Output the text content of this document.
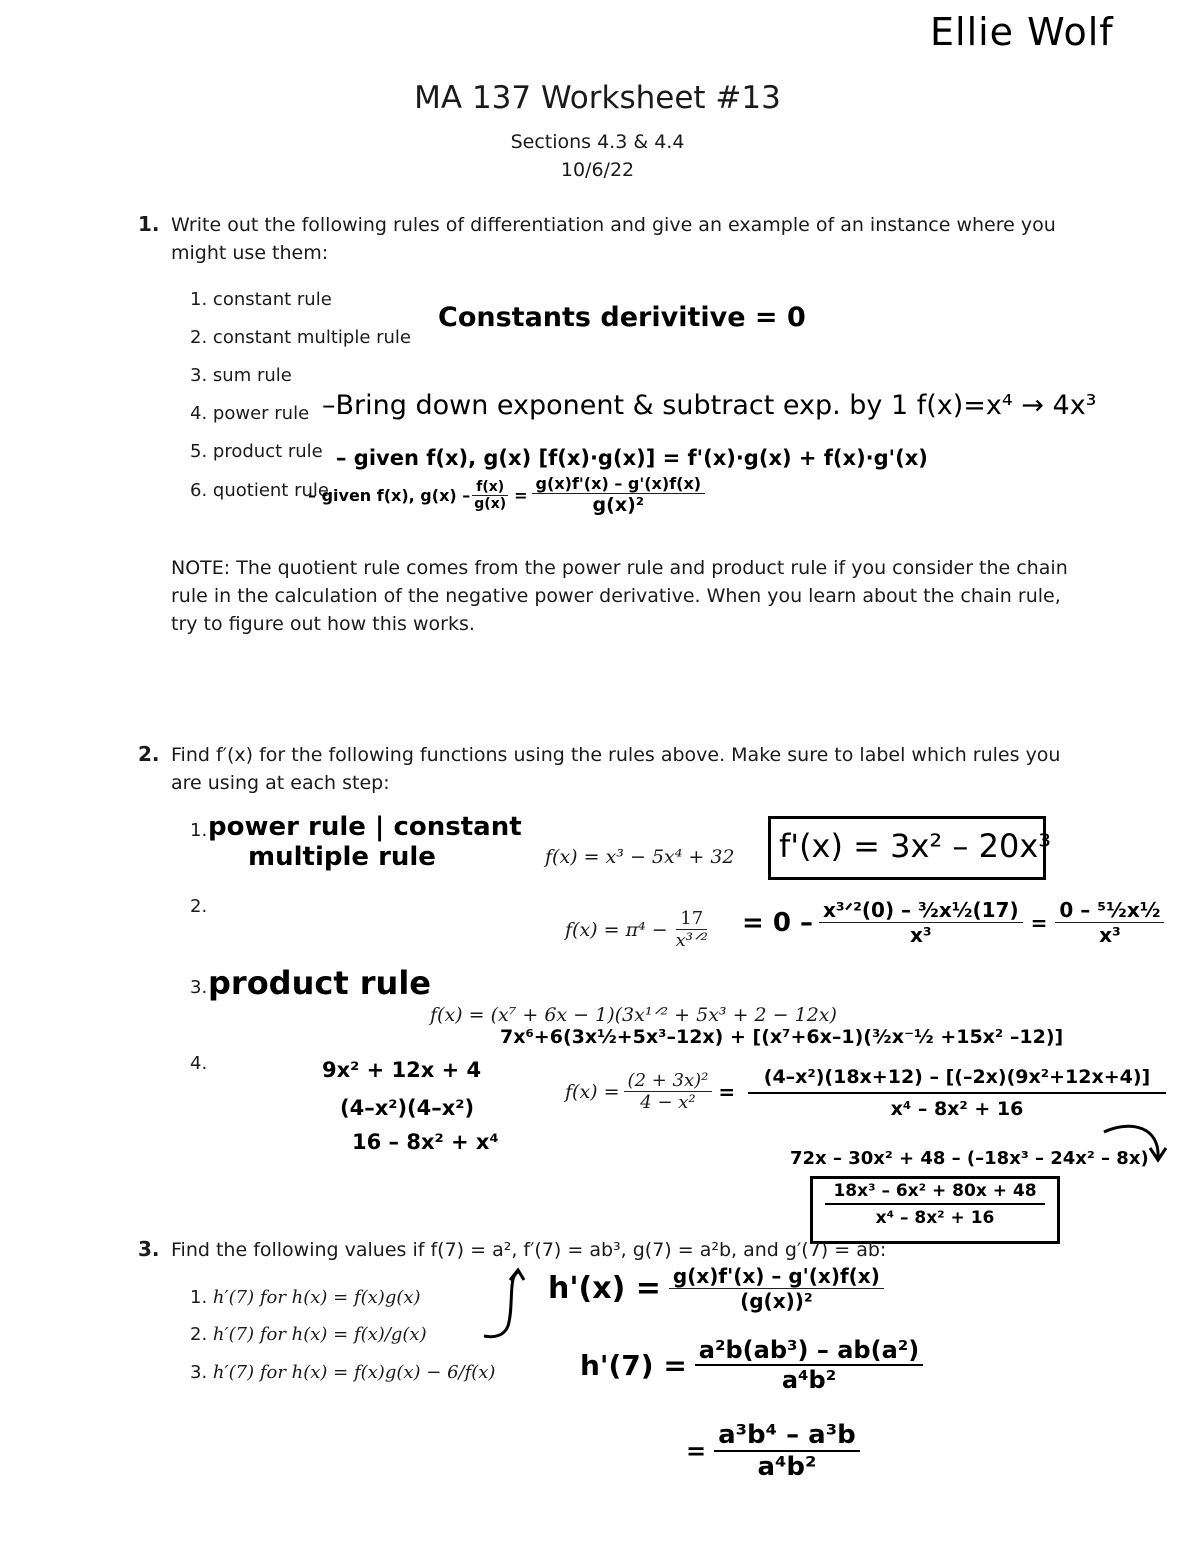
Ellie Wolf
MA 137 Worksheet #13
Sections 4.3 & 4.4
10/6/22
1. Write out the following rules of differentiation and give an example of an instance where you
might use them:
1. constant rule
2. constant multiple rule
3. sum rule
4. power rule
5. product rule
6. quotient rule
Constants derivitive = 0
–Bring down exponent & subtract exp. by 1 f(x)=x⁴ → 4x³
– given f(x), g(x) [f(x)·g(x)] = f'(x)·g(x) + f(x)·g'(x)
– given f(x), $g(x) - \frac{f(x)}{g(x)} = \frac{g(x)f'(x) - g'(x)f(x)}{\text{g(x)²}}$
NOTE: The quotient rule comes from the power rule and product rule if you consider the chain
rule in the calculation of the negative power derivative. When you learn about the chain rule,
try to figure out how this works.
2. Find f′(x) for the following functions using the rules above. Make sure to label which rules you
are using at each step:
1. power rule | constant
multiple rule	f(x) = x³ − 5x⁴ + 32 f'(x) = 3x² – 20x³
2.
$f(x) = \pi^4 - \frac{17}{\text{x³ᐟ²}} = 0 - \frac{\text{x³ᐟ²(0) – ³⁄₂x½(17)}}{\text{x³}} = \frac{\text{0 – ⁵¹⁄₂x½}}{\text{x³}}$
3. product rule
f(x) = (x⁷ + 6x − 1)(3x¹ᐟ² + 5x³ + 2 − 12x)
7x⁶+6(3x½+5x³–12x) + [(x⁷+6x–1)(³⁄₂x⁻½ +15x² –12)]
4.	9x² + 12x + 4
(4–x²)(4–x²)
16 – 8x² + x⁴
$f(x) = \frac{\text{(2 + 3x)²}}{\text{4 − x²}} = \frac{\text{(4–x²)(18x+12) – [(–2x)(9x²+12x+4)]}}{\text{x⁴ – 8x² + 16}}$
72x – 30x² + 48 – (–18x³ – 24x² – 8x)
$\frac{\text{18x³ – 6x² + 80x + 48}}{\text{x⁴ – 8x² + 16}}$
3. Find the following values if f(7) = a², f′(7) = ab³, g(7) = a²b, and g′(7) = ab:
1. h′(7) for h(x) = f(x)g(x)
2. h′(7) for h(x) = f(x)/g(x)
3. h′(7) for h(x) = f(x)g(x) − 6/f(x)
$h'(x) = \frac{g(x)f'(x) - g'(x)f(x)}{\text{(g(x))²}}$
$h'(7) = \frac{\text{a²b(ab³) – ab(a²)}}{\text{a⁴b²}}$
= $\frac{\text{a³b⁴ – a³b}}{\text{a⁴b²}}$
